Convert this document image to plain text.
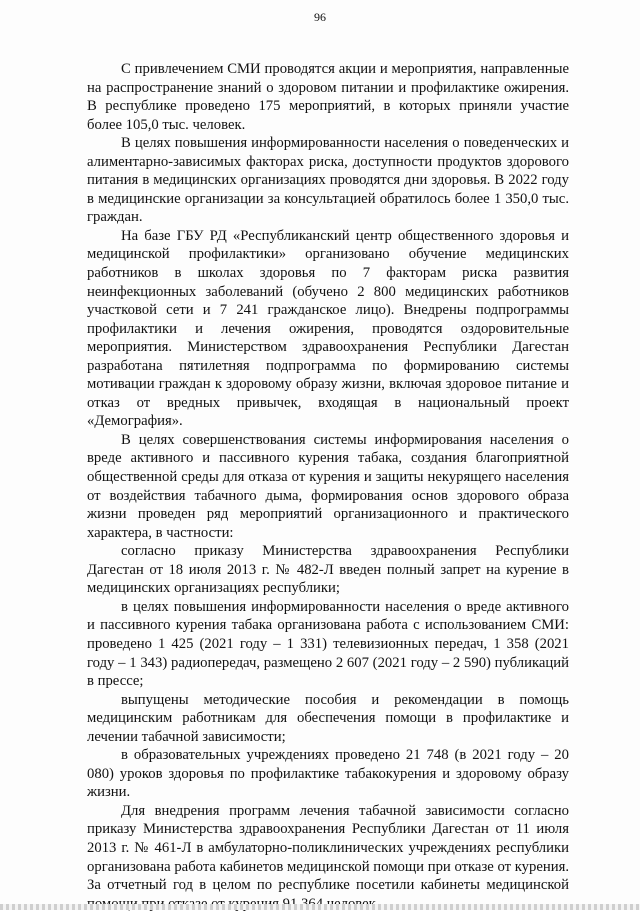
96

С привлечением СМИ проводятся акции и мероприятия, направленные на распространение знаний о здоровом питании и профилактике ожирения. В республике проведено 175 мероприятий, в которых приняли участие более 105,0 тыс. человек.

В целях повышения информированности населения о поведенческих и алиментарно-зависимых факторах риска, доступности продуктов здорового питания в медицинских организациях проводятся дни здоровья. В 2022 году в медицинские организации за консультацией обратилось более 1 350,0 тыс. граждан.

На базе ГБУ РД «Республиканский центр общественного здоровья и медицинской профилактики» организовано обучение медицинских работников в школах здоровья по 7 факторам риска развития неинфекционных заболеваний (обучено 2 800 медицинских работников участковой сети и 7 241 гражданское лицо). Внедрены подпрограммы профилактики и лечения ожирения, проводятся оздоровительные мероприятия. Министерством здравоохранения Республики Дагестан разработана пятилетняя подпрограмма по формированию системы мотивации граждан к здоровому образу жизни, включая здоровое питание и отказ от вредных привычек, входящая в национальный проект «Демография».

В целях совершенствования системы информирования населения о вреде активного и пассивного курения табака, создания благоприятной общественной среды для отказа от курения и защиты некурящего населения от воздействия табачного дыма, формирования основ здорового образа жизни проведен ряд мероприятий организационного и практического характера, в частности:

согласно приказу Министерства здравоохранения Республики Дагестан от 18 июля 2013 г. № 482-Л введен полный запрет на курение в медицинских организациях республики;

в целях повышения информированности населения о вреде активного и пассивного курения табака организована работа с использованием СМИ: проведено 1 425 (2021 году – 1 331) телевизионных передач, 1 358 (2021 году – 1 343) радиопередач, размещено 2 607 (2021 году – 2 590) публикаций в прессе;

выпущены методические пособия и рекомендации в помощь медицинским работникам для обеспечения помощи в профилактике и лечении табачной зависимости;

в образовательных учреждениях проведено 21 748 (в 2021 году – 20 080) уроков здоровья по профилактике табакокурения и здоровому образу жизни.

Для внедрения программ лечения табачной зависимости согласно приказу Министерства здравоохранения Республики Дагестан от 11 июля 2013 г. № 461-Л в амбулаторно-поликлинических учреждениях республики организована работа кабинетов медицинской помощи при отказе от курения. За отчетный год в целом по республике посетили кабинеты медицинской
